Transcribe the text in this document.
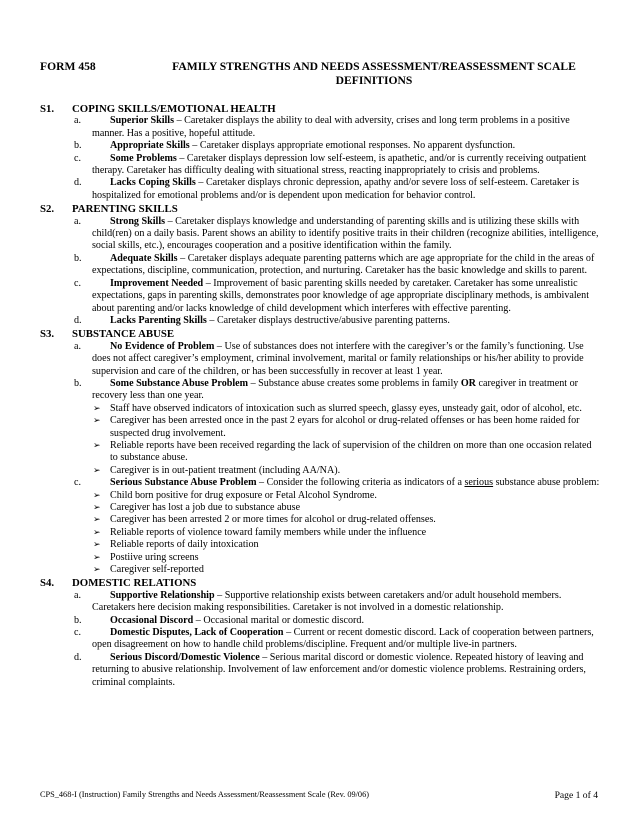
FORM 458	FAMILY STRENGTHS AND NEEDS ASSESSMENT/REASSESSMENT SCALE
DEFINITIONS
S1.	COPING SKILLS/EMOTIONAL HEALTH
a.	Superior Skills – Caretaker displays the ability to deal with adversity, crises and long term problems in a positive manner. Has a positive, hopeful attitude.
b.	Appropriate Skills – Caretaker displays appropriate emotional responses. No apparent dysfunction.
c.	Some Problems – Caretaker displays depression low self-esteem, is apathetic, and/or is currently receiving outpatient therapy. Caretaker has difficulty dealing with situational stress, reacting inappropriately to crisis and problems.
d.	Lacks Coping Skills – Caretaker displays chronic depression, apathy and/or severe loss of self-esteem. Caretaker is hospitalized for emotional problems and/or is dependent upon medication for behavior control.
S2.	PARENTING SKILLS
a.	Strong Skills – Caretaker displays knowledge and understanding of parenting skills and is utilizing these skills with child(ren) on a daily basis. Parent shows an ability to identify positive traits in their children (recognize abilities, intelligence, social skills, etc.), encourages cooperation and a positive identification within the family.
b.	Adequate Skills – Caretaker displays adequate parenting patterns which are age appropriate for the child in the areas of expectations, discipline, communication, protection, and nurturing. Caretaker has the basic knowledge and skills to parent.
c.	Improvement Needed – Improvement of basic parenting skills needed by caretaker. Caretaker has some unrealistic expectations, gaps in parenting skills, demonstrates poor knowledge of age appropriate disciplinary methods, is ambivalent about parenting and/or lacks knowledge of child development which interferes with effective parenting.
d.	Lacks Parenting Skills – Caretaker displays destructive/abusive parenting patterns.
S3.	SUBSTANCE ABUSE
a.	No Evidence of Problem – Use of substances does not interfere with the caregiver’s or the family’s functioning. Use does not affect caregiver’s employment, criminal involvement, marital or family relationships or his/her ability to provide supervision and care of the children, or has been successfully in recover at least 1 year.
b.	Some Substance Abuse Problem – Substance abuse creates some problems in family OR caregiver in treatment or recovery less than one year.
➢ Staff have observed indicators of intoxication such as slurred speech, glassy eyes, unsteady gait, odor of alcohol, etc.
➢ Caregiver has been arrested once in the past 2 eyars for alcohol or drug-related offenses or has been home raided for suspected drug involvement.
➢ Reliable reports have been received regarding the lack of supervision of the children on more than one occasion related to substance abuse.
➢ Caregiver is in out-patient treatment (including AA/NA).
c.	Serious Substance Abuse Problem – Consider the following criteria as indicators of a serious substance abuse problem:
➢ Child born positive for drug exposure or Fetal Alcohol Syndrome.
➢ Caregiver has lost a job due to substance abuse
➢ Caregiver has been arrested 2 or more times for alcohol or drug-related offenses.
➢ Reliable reports of violence toward family members while under the influence
➢ Reliable reports of daily intoxication
➢ Postiive uring screens
➢ Caregiver self-reported
S4.	DOMESTIC RELATIONS
a.	Supportive Relationship – Supportive relationship exists between caretakers and/or adult household members. Caretakers here decision making responsibilities. Caretaker is not involved in a domestic relationship.
b.	Occasional Discord – Occasional marital or domestic discord.
c.	Domestic Disputes, Lack of Cooperation – Current or recent domestic discord. Lack of cooperation between partners, open disagreement on how to handle child problems/discipline. Frequent and/or multiple live-in partners.
d.	Serious Discord/Domestic Violence – Serious marital discord or domestic violence. Repeated history of leaving and returning to abusive relationship. Involvement of law enforcement and/or domestic violence problems. Restraining orders, criminal complaints.
CPS_468-I (Instruction) Family Strengths and Needs Assessment/Reassessment Scale (Rev. 09/06)	Page 1 of 4
